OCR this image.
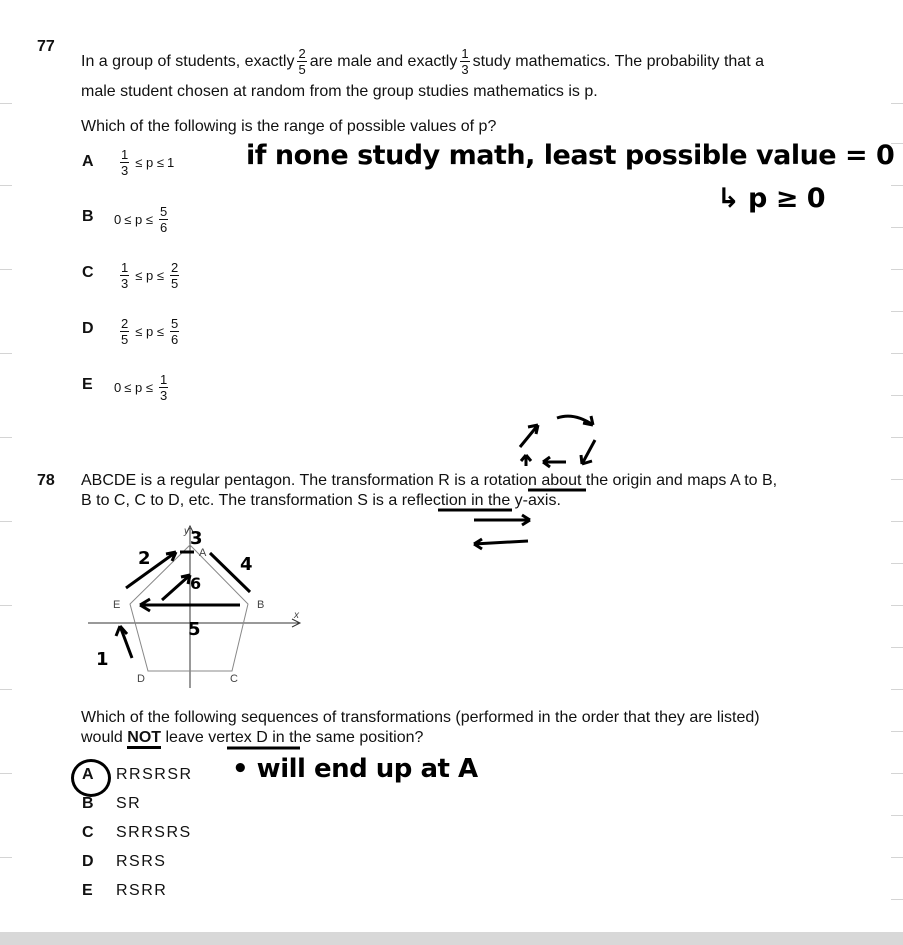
77
In a group of students, exactly $\frac{2}{5}$ are male and exactly $\frac{1}{3}$ study mathematics. The probability that a
male student chosen at random from the group studies mathematics is p.
Which of the following is the range of possible values of p?
A $\frac{1}{3} \le p \le 1$
B $0 \le p \le \frac{5}{6}$
C $\frac{1}{3} \le p \le \frac{2}{5}$
D $\frac{2}{5} \le p \le \frac{5}{6}$
E $0 \le p \le \frac{1}{3}$
if none study math, least possible value = 0
↳ p ≥ 0
78 ABCDE is a regular pentagon. The transformation R is a rotation about the origin and maps A to B,
B to C, C to D, etc. The transformation S is a reflection in the y-axis.
A
B
C
D
E
y
x
1
2
3
4
5
6
Which of the following sequences of transformations (performed in the order that they are listed)
would NOT leave vertex D in the same position?
A RRSRSR • will end up at A
B SR
C SRRSRS
D RSRS
E RSRR
